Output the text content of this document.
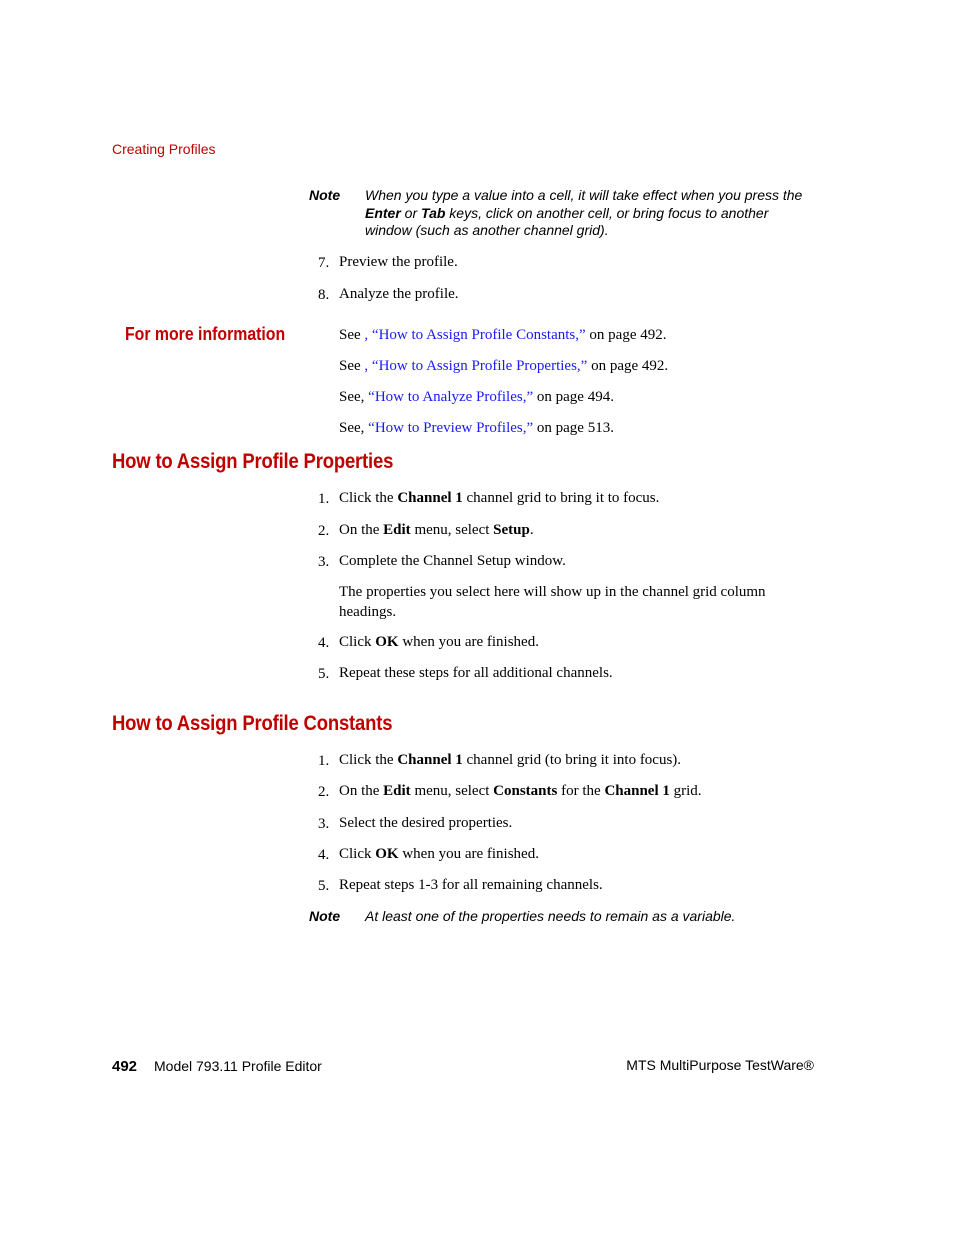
Creating Profiles
Note When you type a value into a cell, it will take effect when you press the Enter or Tab keys, click on another cell, or bring focus to another window (such as another channel grid).
7. Preview the profile.
8. Analyze the profile.
For more information	See , “How to Assign Profile Constants,” on page 492.
See , “How to Assign Profile Properties,” on page 492.
See, “How to Analyze Profiles,” on page 494.
See, “How to Preview Profiles,” on page 513.
How to Assign Profile Properties
1. Click the Channel 1 channel grid to bring it to focus.
2. On the Edit menu, select Setup.
3. Complete the Channel Setup window.
The properties you select here will show up in the channel grid column headings.
4. Click OK when you are finished.
5. Repeat these steps for all additional channels.
How to Assign Profile Constants
1. Click the Channel 1 channel grid (to bring it into focus).
2. On the Edit menu, select Constants for the Channel 1 grid.
3. Select the desired properties.
4. Click OK when you are finished.
5. Repeat steps 1-3 for all remaining channels.
Note At least one of the properties needs to remain as a variable.
492 Model 793.11 Profile Editor	MTS MultiPurpose TestWare®
